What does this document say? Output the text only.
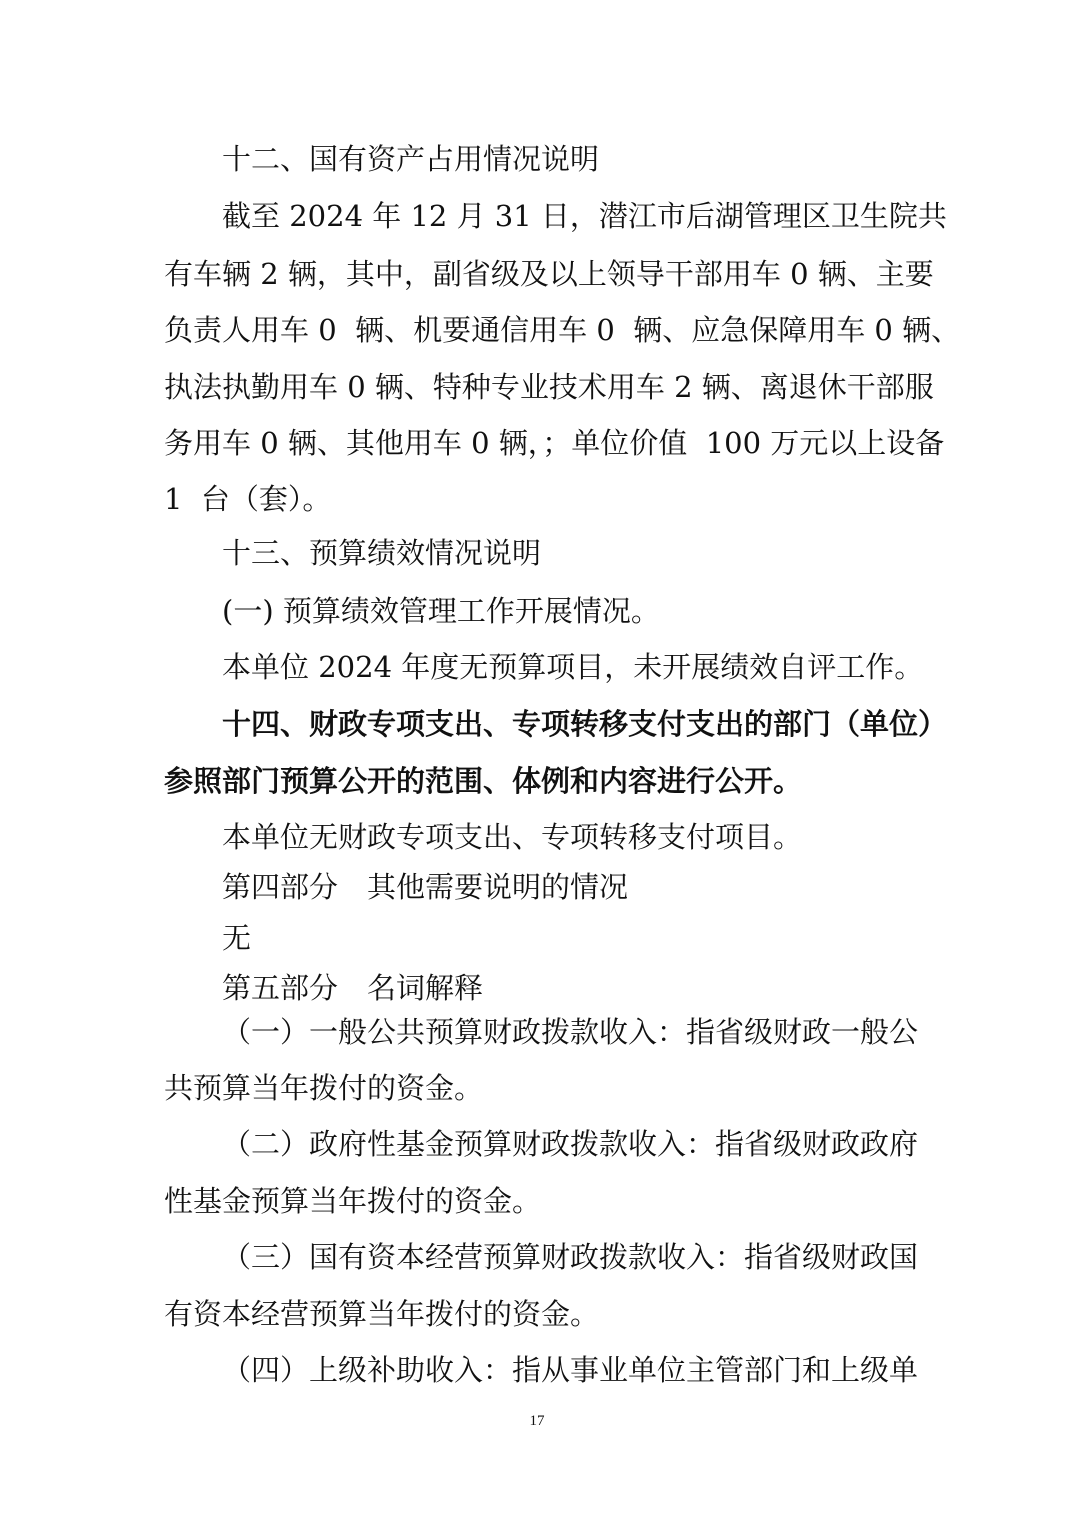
十二、国有资产占用情况说明
截至 2024 年 12 月 31 日，潜江市后湖管理区卫生院共
有车辆 2 辆，其中，副省级及以上领导干部用车 0 辆、主要
负责人用车 0  辆、机要通信用车 0  辆、应急保障用车 0 辆、
执法执勤用车 0 辆、特种专业技术用车 2 辆、离退休干部服
务用车 0 辆、其他用车 0 辆，；单位价值  100 万元以上设备
1  台（套）。
十三、预算绩效情况说明
(一) 预算绩效管理工作开展情况。
本单位 2024 年度无预算项目，未开展绩效自评工作。
十四、财政专项支出、专项转移支付支出的部门（单位）
参照部门预算公开的范围、体例和内容进行公开。
本单位无财政专项支出、专项转移支付项目。
第四部分　其他需要说明的情况
无
第五部分　名词解释
（一）一般公共预算财政拨款收入：指省级财政一般公
共预算当年拨付的资金。
（二）政府性基金预算财政拨款收入：指省级财政政府
性基金预算当年拨付的资金。
（三）国有资本经营预算财政拨款收入：指省级财政国
有资本经营预算当年拨付的资金。
（四）上级补助收入：指从事业单位主管部门和上级单
17
